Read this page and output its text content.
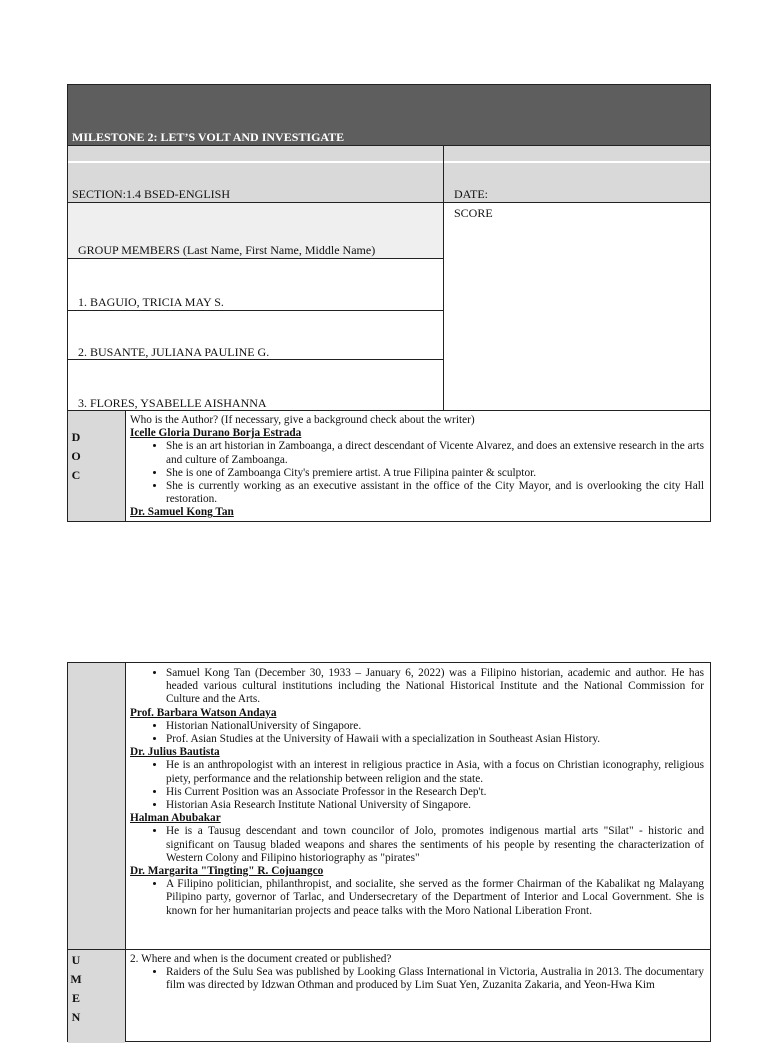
MILESTONE 2: LET’S VOLT AND INVESTIGATE
SECTION:1.4 BSED-ENGLISH	DATE:
SCORE
GROUP MEMBERS (Last Name, First Name, Middle Name)
1. BAGUIO, TRICIA MAY S.
2. BUSANTE, JULIANA PAULINE G.
3. FLORES, YSABELLE AISHANNA
D
O
C

Who is the Author? (If necessary, give a background check about the writer)

Icelle Gloria Durano Borja Estrada

• She is an art historian in Zamboanga, a direct descendant of Vicente Alvarez, and does an extensive research in the arts and culture of Zamboanga.
• She is one of Zamboanga City's premiere artist. A true Filipina painter & sculptor.
• She is currently working as an executive assistant in the office of the City Mayor, and is overlooking the city Hall restoration.

Dr. Samuel Kong Tan

• Samuel Kong Tan (December 30, 1933 – January 6, 2022) was a Filipino historian, academic and author. He has headed various cultural institutions including the National Historical Institute and the National Commission for Culture and the Arts.

Prof. Barbara Watson Andaya

• Historian NationalUniversity of Singapore.
• Prof. Asian Studies at the University of Hawaii with a specialization in Southeast Asian History.

Dr. Julius Bautista

• He is an anthropologist with an interest in religious practice in Asia, with a focus on Christian iconography, religious piety, performance and the relationship between religion and the state.
• His Current Position was an Associate Professor in the Research Dep't.
• Historian Asia Research Institute National University of Singapore.

Halman Abubakar

• He is a Tausug descendant and town councilor of Jolo, promotes indigenous martial arts "Silat" - historic and significant on Tausug bladed weapons and shares the sentiments of his people by resenting the characterization of Western Colony and Filipino historiography as "pirates"

Dr. Margarita "Tingting" R. Cojuangco

• A Filipino politician, philanthropist, and socialite, she served as the former Chairman of the Kabalikat ng Malayang Pilipino party, governor of Tarlac, and Undersecretary of the Department of Interior and Local Government. She is known for her humanitarian projects and peace talks with the Moro National Liberation Front.
U
M
E
N

2. Where and when is the document created or published?

• Raiders of the Sulu Sea was published by Looking Glass International in Victoria, Australia in 2013. The documentary film was directed by Idzwan Othman and produced by Lim Suat Yen, Zuzanita Zakaria, and Yeon-Hwa Kim
